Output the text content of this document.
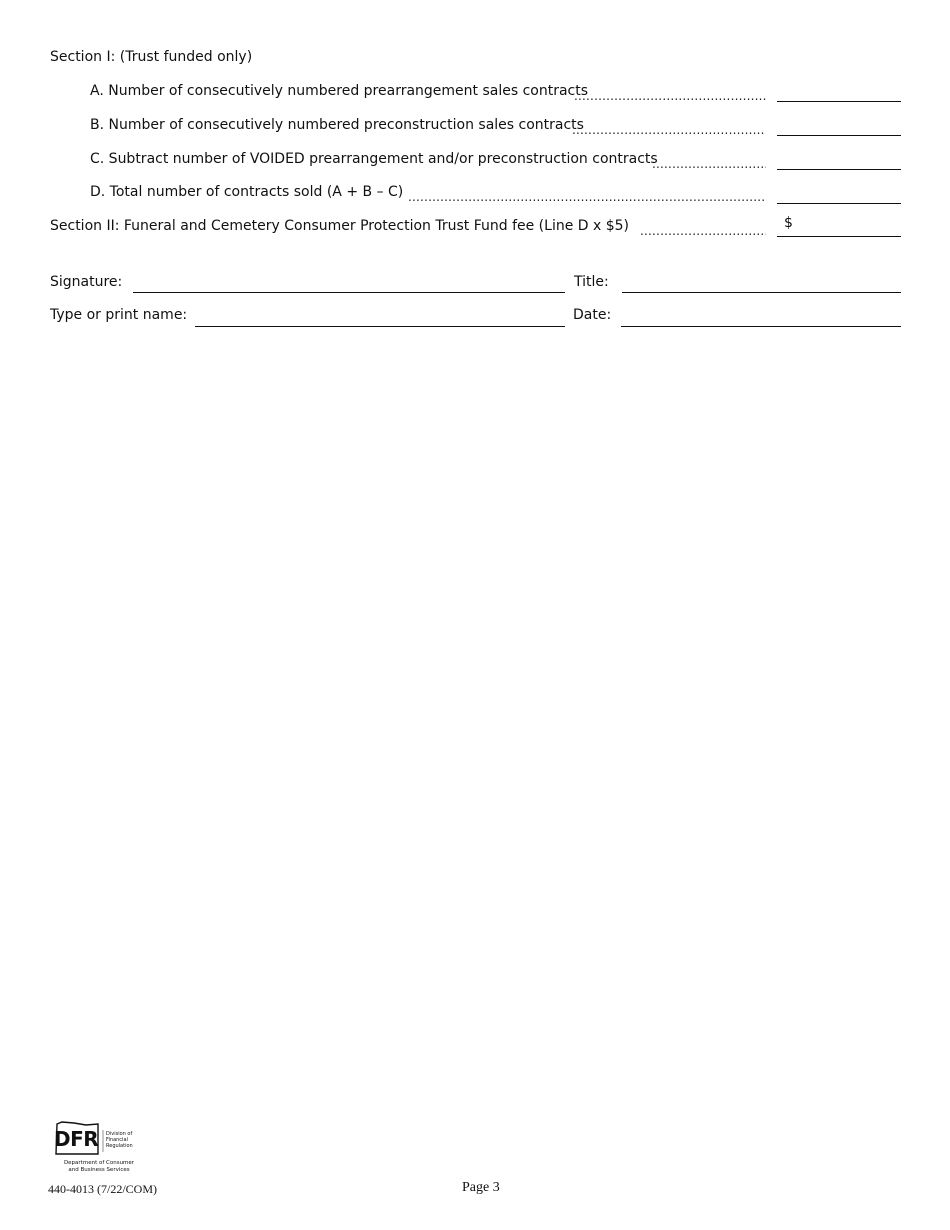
Section I: (Trust funded only)
A. Number of consecutively numbered prearrangement sales contracts
.....
B. Number of consecutively numbered preconstruction sales contracts
.....
C. Subtract number of VOIDED prearrangement and/or preconstruction contracts
.....
D. Total number of contracts sold (A + B – C)
.....
Section II: Funeral and Cemetery Consumer Protection Trust Fund fee (Line D x $5)
.....	$
Signature:	Title:
Type or print name:	Date:
DFR Division of Financial Regulation
Department of Consumer and Business Services
440-4013 (7/22/COM)	Page 3
